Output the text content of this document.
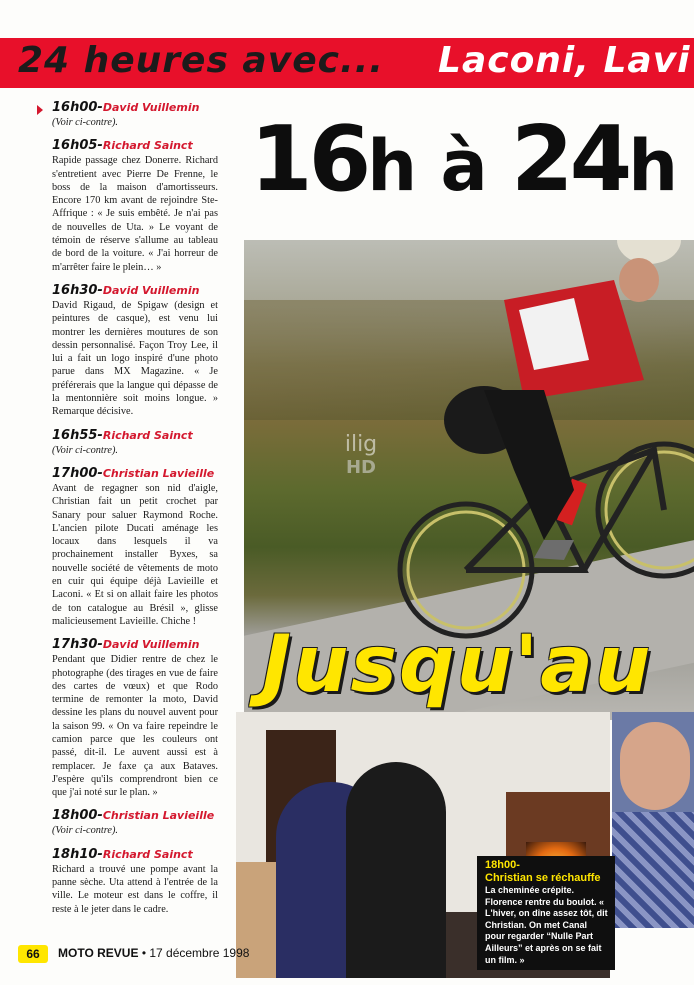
24 heures avec... Laconi, Lavi
ilig
HD
16h à 24h
Jusqu'au
16h00-David Vuillemin
(Voir ci-contre).
16h05-Richard Sainct
Rapide passage chez Donerre. Richard s'entretient avec Pierre De Frenne, le boss de la maison d'amortisseurs. Encore 170 km avant de rejoindre Ste-Affrique : « Je suis embêté. Je n'ai pas de nouvelles de Uta. » Le voyant de témoin de réserve s'allume au tableau de bord de la voiture. « J'ai horreur de m'arrêter faire le plein… »
16h30-David Vuillemin
David Rigaud, de Spigaw (design et peintures de casque), est venu lui montrer les dernières moutures de son dessin personnalisé. Façon Troy Lee, il lui a fait un logo inspiré d'une photo parue dans MX Magazine. « Je préférerais que la langue qui dépasse de la mentonnière soit moins longue. » Remarque décisive.
16h55-Richard Sainct
(Voir ci-contre).
17h00-Christian Lavieille
Avant de regagner son nid d'aigle, Christian fait un petit crochet par Sanary pour saluer Raymond Roche. L'ancien pilote Ducati aménage les locaux dans lesquels il va prochainement installer Byxes, sa nouvelle société de vêtements de moto en cuir qui équipe déjà Lavieille et Laconi. « Et si on allait faire les photos de ton catalogue au Brésil », glisse malicieusement Lavieille. Chiche !
17h30-David Vuillemin
Pendant que Didier rentre de chez le photographe (des tirages en vue de faire des cartes de vœux) et que Rodo termine de remonter la moto, David dessine les plans du nouvel auvent pour la saison 99. « On va faire repeindre le camion parce que les couleurs ont passé, dit-il. Le auvent aussi est à remplacer. Je faxe ça aux Bataves. J'espère qu'ils comprendront bien ce que j'ai noté sur le plan. »
18h00-Christian Lavieille
(Voir ci-contre).
18h10-Richard Sainct
Richard a trouvé une pompe avant la panne sèche. Uta attend à l'entrée de la ville. Le moteur est dans le coffre, il reste à le jeter dans le cadre.
18h00-
Christian se réchauffe
La cheminée crépite. Florence rentre du boulot. « L'hiver, on dîne assez tôt, dit Christian. On met Canal pour regarder “Nulle Part Ailleurs” et après on se fait un film. »
66	MOTO REVUE • 17 décembre 1998
